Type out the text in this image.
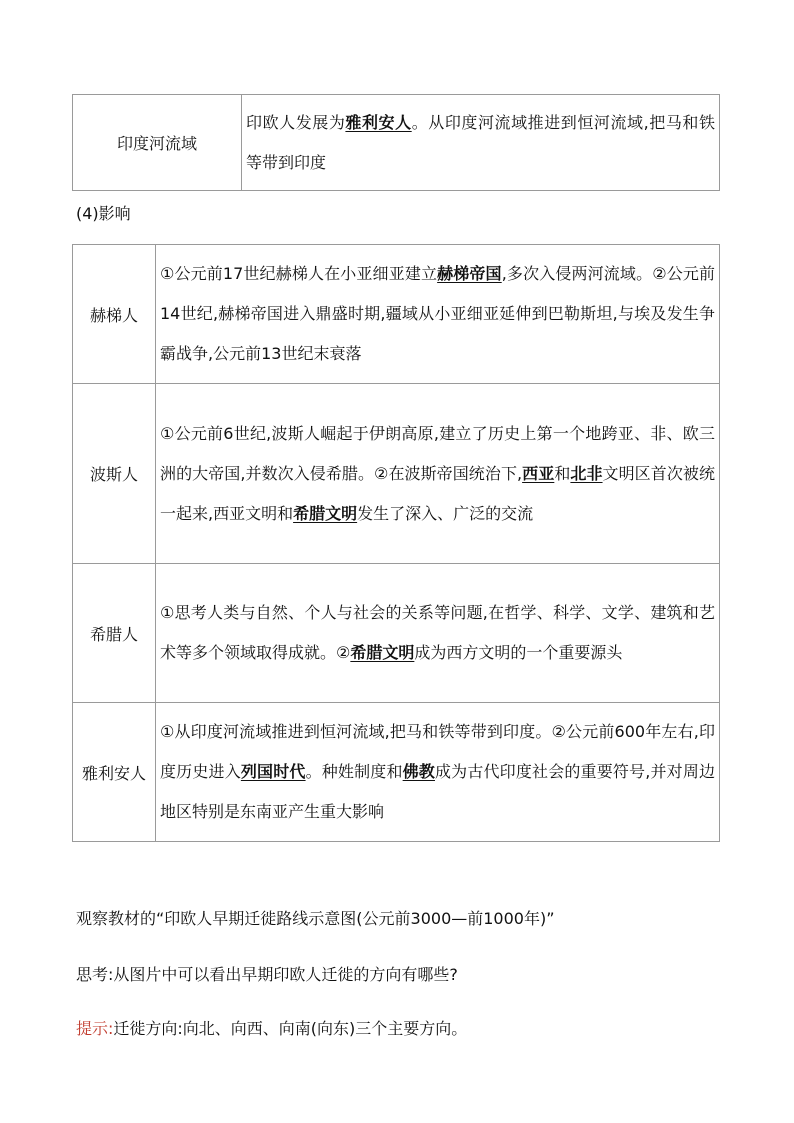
印度河流域	印欧人发展为雅利安人。从印度河流域推进到恒河流域,把马和铁等带到印度
(4)影响
赫梯人	①公元前17世纪赫梯人在小亚细亚建立赫梯帝国,多次入侵两河流域。②公元前14世纪,赫梯帝国进入鼎盛时期,疆域从小亚细亚延伸到巴勒斯坦,与埃及发生争霸战争,公元前13世纪末衰落
波斯人	①公元前6世纪,波斯人崛起于伊朗高原,建立了历史上第一个地跨亚、非、欧三洲的大帝国,并数次入侵希腊。②在波斯帝国统治下,西亚和北非文明区首次被统一起来,西亚文明和希腊文明发生了深入、广泛的交流
希腊人	①思考人类与自然、个人与社会的关系等问题,在哲学、科学、文学、建筑和艺术等多个领域取得成就。②希腊文明成为西方文明的一个重要源头
雅利安人	①从印度河流域推进到恒河流域,把马和铁等带到印度。②公元前600年左右,印度历史进入列国时代。种姓制度和佛教成为古代印度社会的重要符号,并对周边地区特别是东南亚产生重大影响
观察教材的“印欧人早期迁徙路线示意图(公元前3000—前1000年)”
思考:从图片中可以看出早期印欧人迁徙的方向有哪些?
提示:迁徙方向:向北、向西、向南(向东)三个主要方向。
